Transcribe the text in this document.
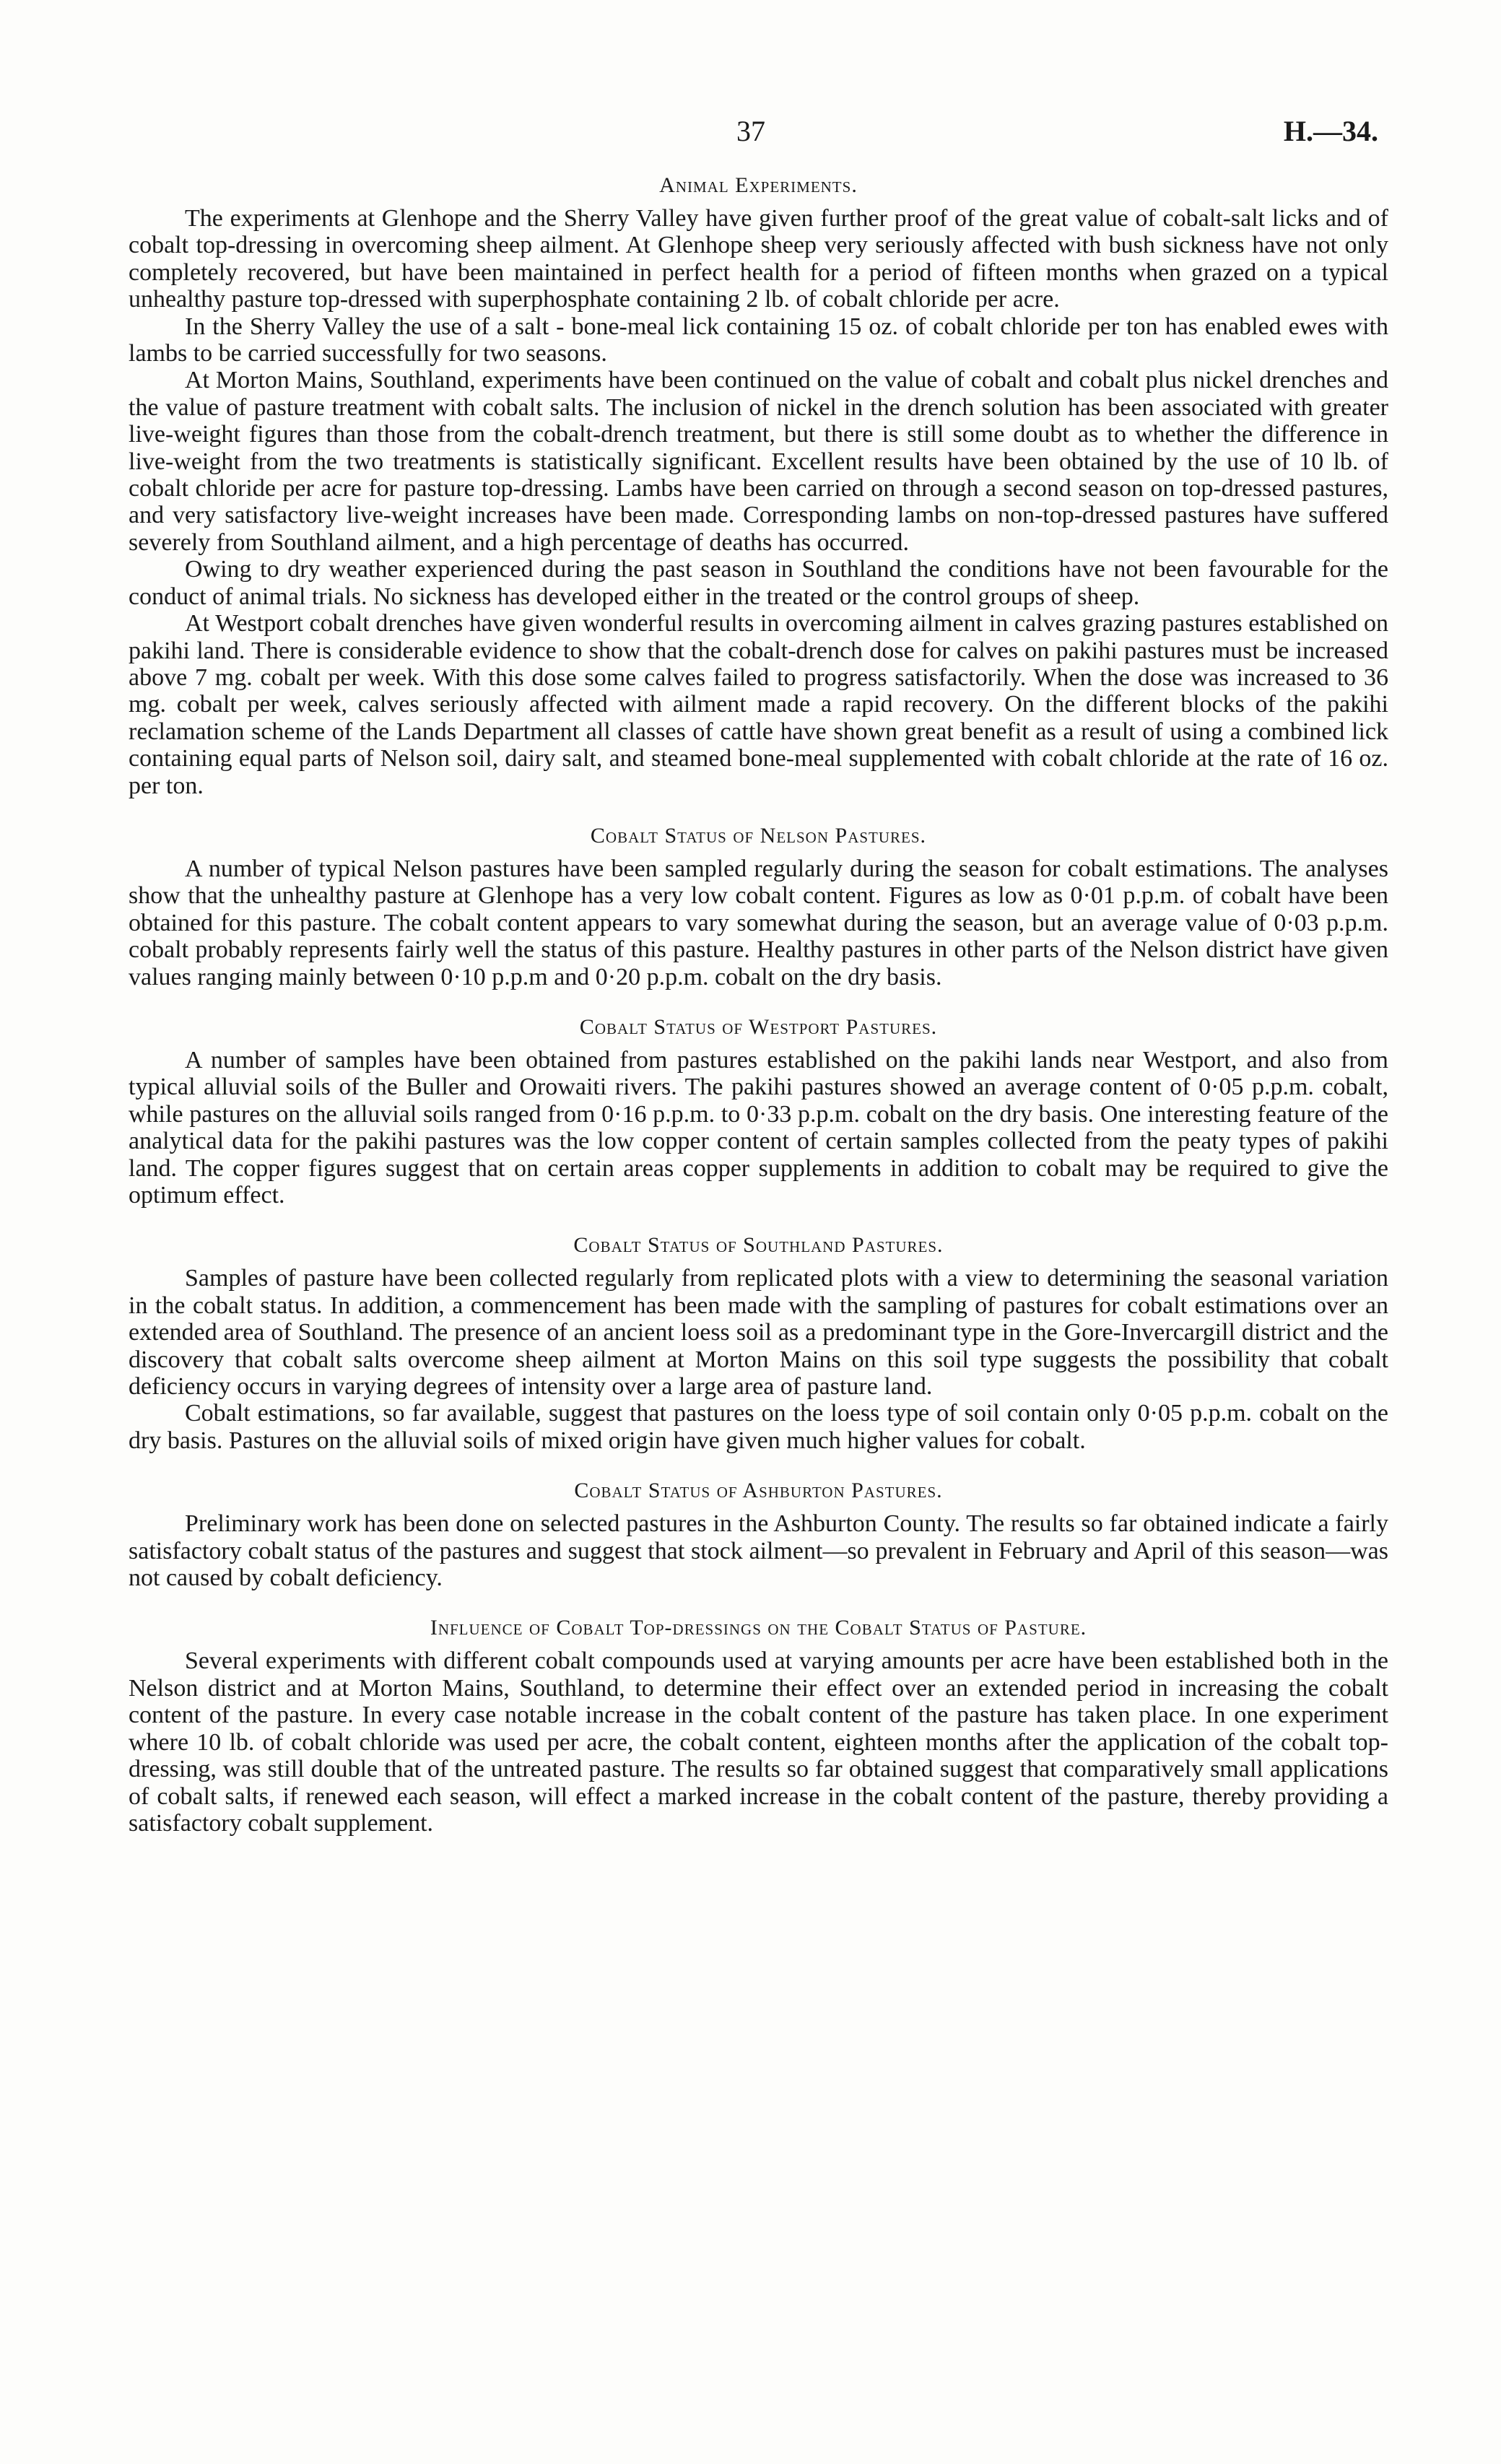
37	H.—34.
Animal Experiments.

The experiments at Glenhope and the Sherry Valley have given further proof of the great value of cobalt-salt licks and of cobalt top-dressing in overcoming sheep ailment. At Glenhope sheep very seriously affected with bush sickness have not only completely recovered, but have been maintained in perfect health for a period of fifteen months when grazed on a typical unhealthy pasture top-dressed with superphosphate containing 2 lb. of cobalt chloride per acre.

In the Sherry Valley the use of a salt - bone-meal lick containing 15 oz. of cobalt chloride per ton has enabled ewes with lambs to be carried successfully for two seasons.

At Morton Mains, Southland, experiments have been continued on the value of cobalt and cobalt plus nickel drenches and the value of pasture treatment with cobalt salts. The inclusion of nickel in the drench solution has been associated with greater live-weight figures than those from the cobalt-drench treatment, but there is still some doubt as to whether the difference in live-weight from the two treatments is statistically significant. Excellent results have been obtained by the use of 10 lb. of cobalt chloride per acre for pasture top-dressing. Lambs have been carried on through a second season on top-dressed pastures, and very satisfactory live-weight increases have been made. Corresponding lambs on non-top-dressed pastures have suffered severely from Southland ailment, and a high percentage of deaths has occurred.

Owing to dry weather experienced during the past season in Southland the conditions have not been favourable for the conduct of animal trials. No sickness has developed either in the treated or the control groups of sheep.

At Westport cobalt drenches have given wonderful results in overcoming ailment in calves grazing pastures established on pakihi land. There is considerable evidence to show that the cobalt-drench dose for calves on pakihi pastures must be increased above 7 mg. cobalt per week. With this dose some calves failed to progress satisfactorily. When the dose was increased to 36 mg. cobalt per week, calves seriously affected with ailment made a rapid recovery. On the different blocks of the pakihi reclamation scheme of the Lands Department all classes of cattle have shown great benefit as a result of using a combined lick containing equal parts of Nelson soil, dairy salt, and steamed bone-meal supplemented with cobalt chloride at the rate of 16 oz. per ton.

Cobalt Status of Nelson Pastures.

A number of typical Nelson pastures have been sampled regularly during the season for cobalt estimations. The analyses show that the unhealthy pasture at Glenhope has a very low cobalt content. Figures as low as 0·01 p.p.m. of cobalt have been obtained for this pasture. The cobalt content appears to vary somewhat during the season, but an average value of 0·03 p.p.m. cobalt probably represents fairly well the status of this pasture. Healthy pastures in other parts of the Nelson district have given values ranging mainly between 0·10 p.p.m and 0·20 p.p.m. cobalt on the dry basis.

Cobalt Status of Westport Pastures.

A number of samples have been obtained from pastures established on the pakihi lands near Westport, and also from typical alluvial soils of the Buller and Orowaiti rivers. The pakihi pastures showed an average content of 0·05 p.p.m. cobalt, while pastures on the alluvial soils ranged from 0·16 p.p.m. to 0·33 p.p.m. cobalt on the dry basis. One interesting feature of the analytical data for the pakihi pastures was the low copper content of certain samples collected from the peaty types of pakihi land. The copper figures suggest that on certain areas copper supplements in addition to cobalt may be required to give the optimum effect.

Cobalt Status of Southland Pastures.

Samples of pasture have been collected regularly from replicated plots with a view to determining the seasonal variation in the cobalt status. In addition, a commencement has been made with the sampling of pastures for cobalt estimations over an extended area of Southland. The presence of an ancient loess soil as a predominant type in the Gore-Invercargill district and the discovery that cobalt salts overcome sheep ailment at Morton Mains on this soil type suggests the possibility that cobalt deficiency occurs in varying degrees of intensity over a large area of pasture land.

Cobalt estimations, so far available, suggest that pastures on the loess type of soil contain only 0·05 p.p.m. cobalt on the dry basis. Pastures on the alluvial soils of mixed origin have given much higher values for cobalt.

Cobalt Status of Ashburton Pastures.

Preliminary work has been done on selected pastures in the Ashburton County. The results so far obtained indicate a fairly satisfactory cobalt status of the pastures and suggest that stock ailment—so prevalent in February and April of this season—was not caused by cobalt deficiency.

Influence of Cobalt Top-dressings on the Cobalt Status of Pasture.

Several experiments with different cobalt compounds used at varying amounts per acre have been established both in the Nelson district and at Morton Mains, Southland, to determine their effect over an extended period in increasing the cobalt content of the pasture. In every case notable increase in the cobalt content of the pasture has taken place. In one experiment where 10 lb. of cobalt chloride was used per acre, the cobalt content, eighteen months after the application of the cobalt top-dressing, was still double that of the untreated pasture. The results so far obtained suggest that comparatively small applications of cobalt salts, if renewed each season, will effect a marked increase in the cobalt content of the pasture, thereby providing a satisfactory cobalt supplement.
